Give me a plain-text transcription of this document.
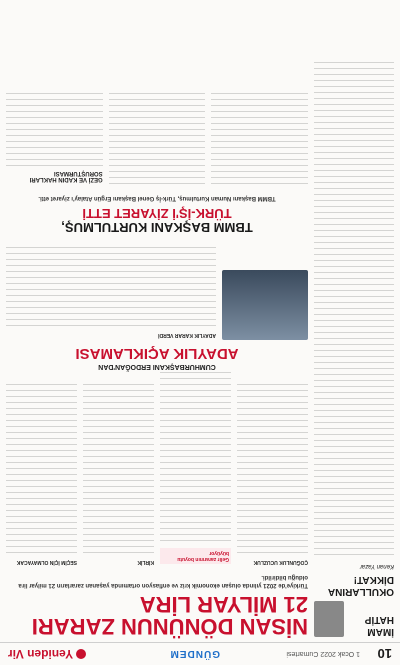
10
1 Ocak 2022 Cumartesi
GÜNDEM
Yeniden Vir
İMAM HATİP OKULLARINA DİKKAT!
Kenan Yazar
NİSAN DÖNÜNUN ZARARI 21 MİLYAR LİRA
Türkiye'de 2021 yılında oluşan ekonomik kriz ve enflasyon ortamında yaşanan zararların 21 milyar lira olduğu bildirildi.
ÇOĞUNLUK UCUZLUK
Gelir zararının boyutu büyüyor
KİRLİK
SEÇİM İÇİN OLMAYACAK
CUMHURBAŞKANI ERDOĞAN'DAN
ADAYLIK AÇIKLAMASI
ADAYLIK KARAR VERDİ
TBMM BAŞKANI KURTULMUŞ,
TÜRK-İŞ'İ ZİYARET ETTİ
TBMM Başkanı Numan Kurtulmuş, Türk-İş Genel Başkanı Ergün Atalay'ı ziyaret etti.
GEZİ VE KADIN HAKLARI SORUŞTURMASI
